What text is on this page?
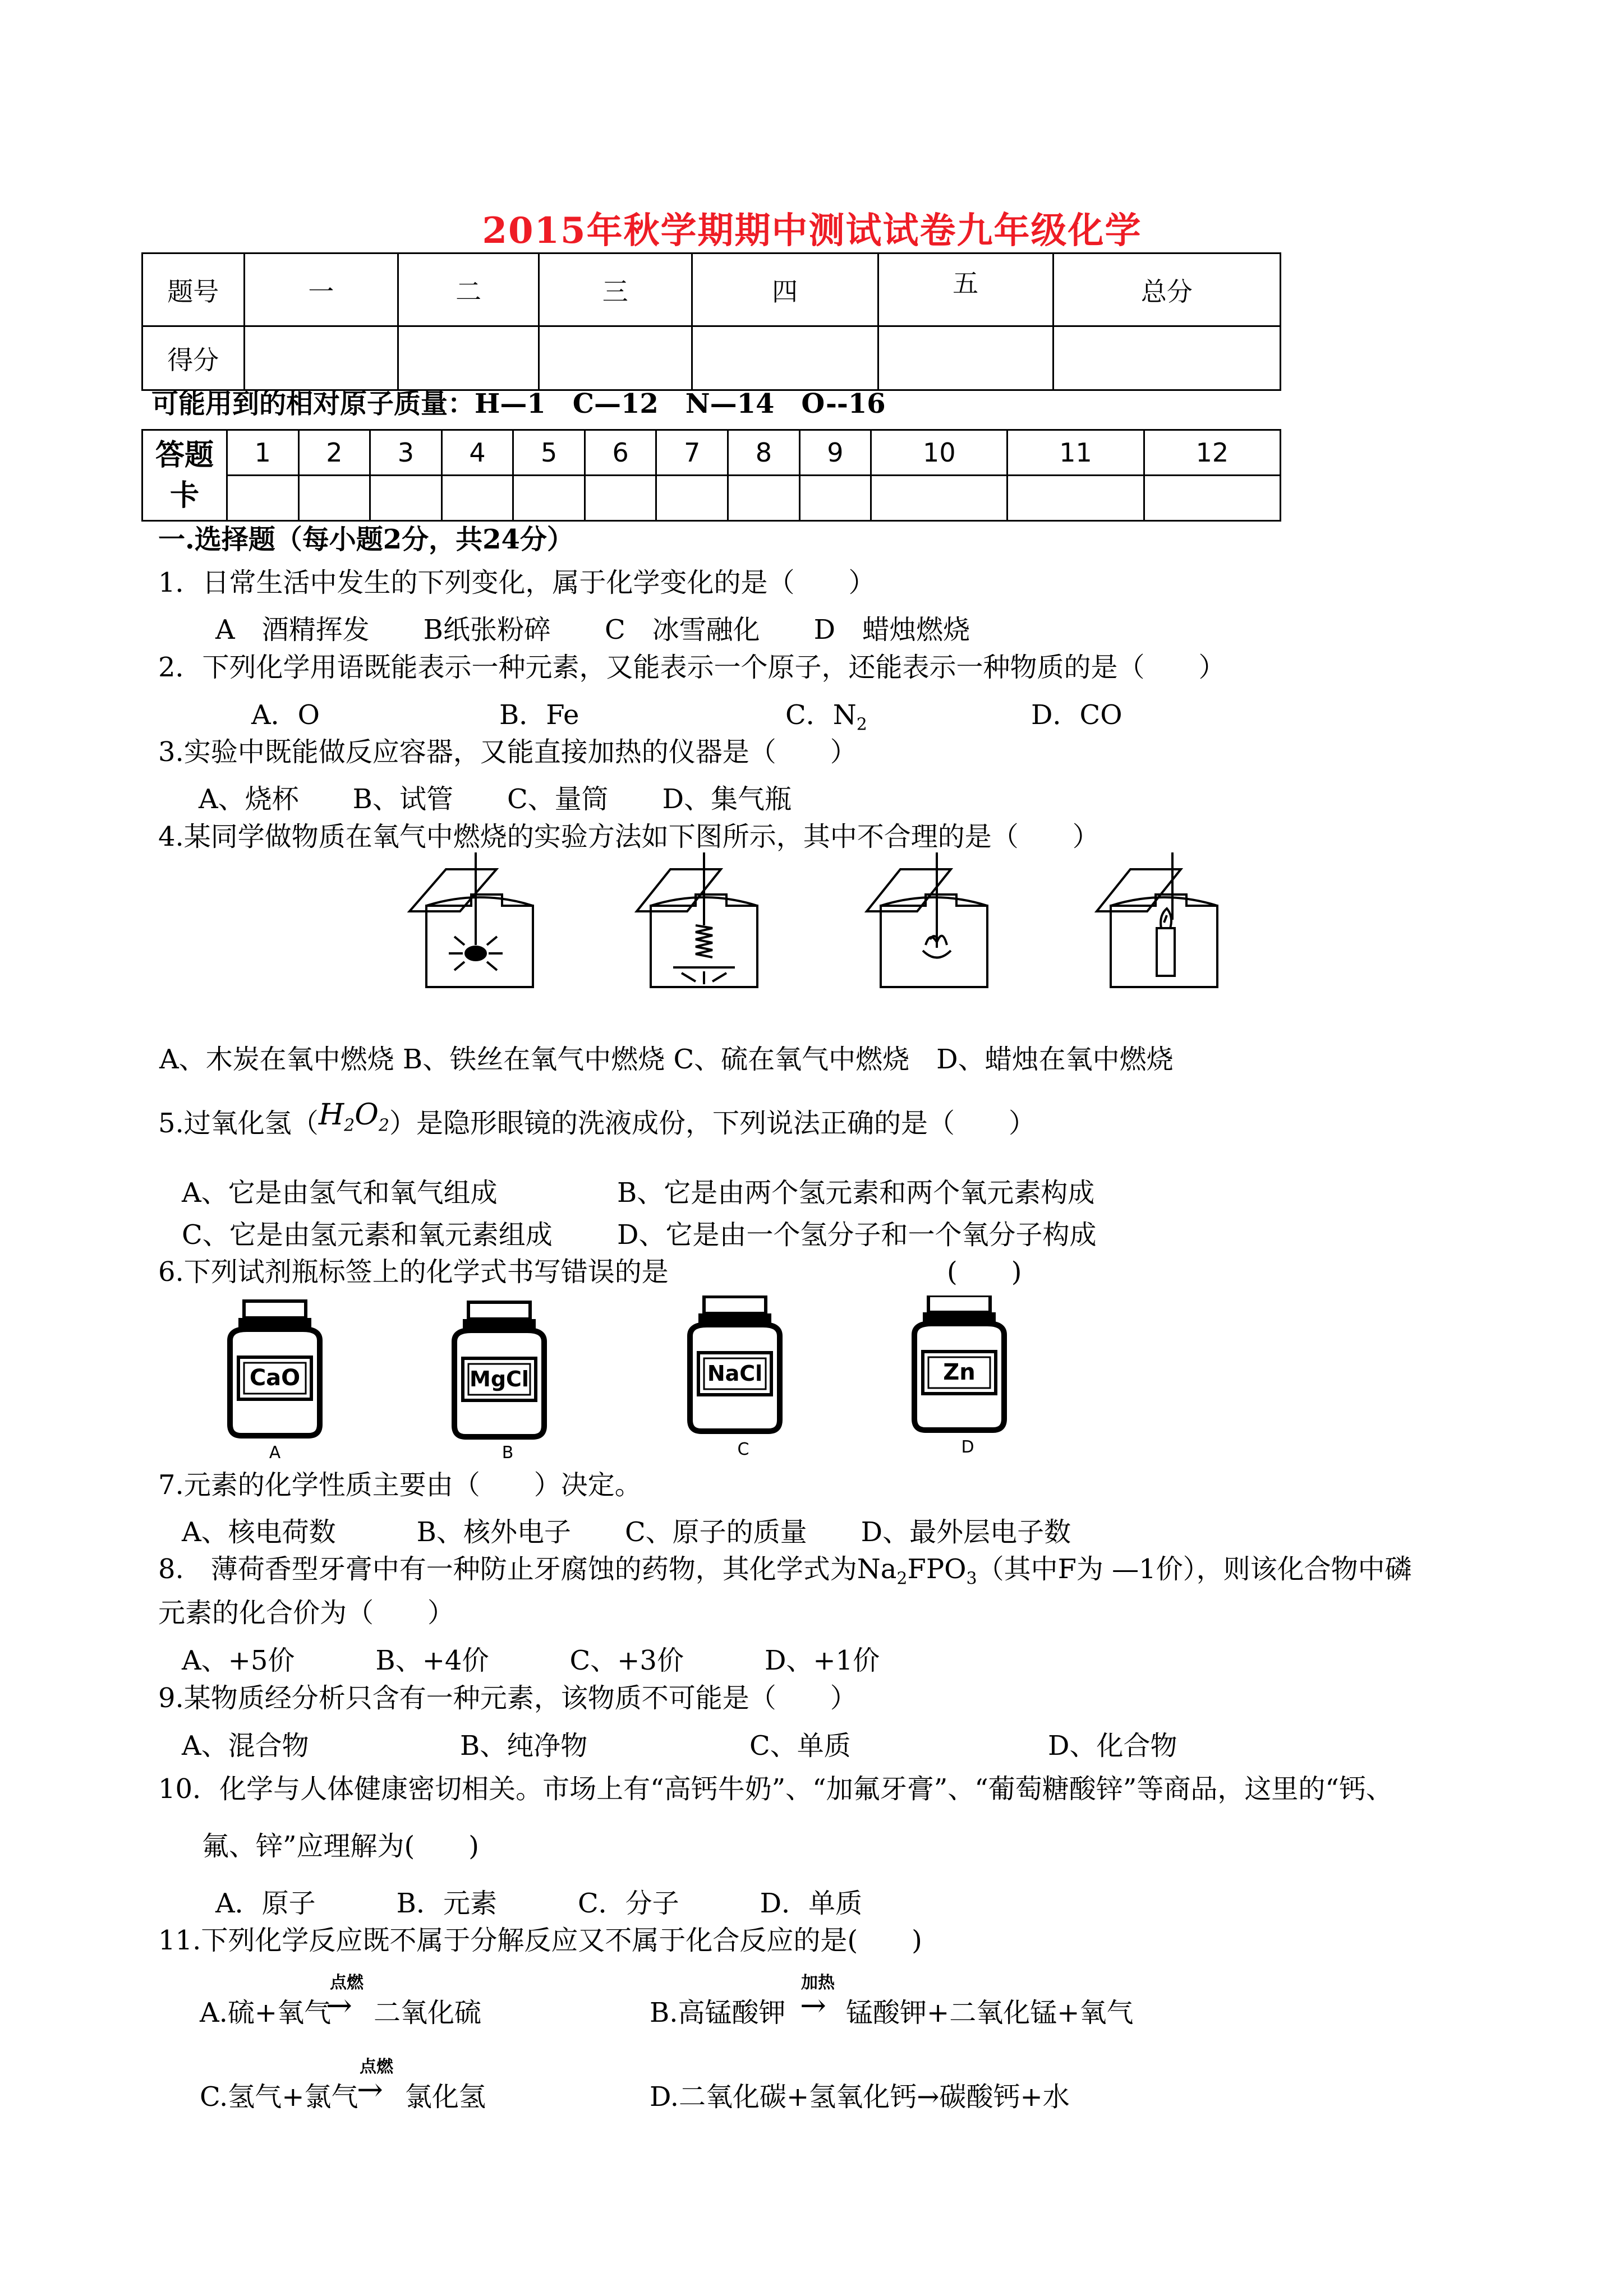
2015年秋学期期中测试试卷九年级化学
题号	一	二	三	四	五	总分
得分						
可能用到的相对原子质量：H—1　C—12　N—14　O--16
答题
卡	1	2	3	4	5	6	7	8	9	10	11	12

一.选择题（每小题2分，共24分）
1．日常生活中发生的下列变化，属于化学变化的是（　　）
A　酒精挥发　　B纸张粉碎　　C　冰雪融化　　D　蜡烛燃烧
2．下列化学用语既能表示一种元素，又能表示一个原子，还能表示一种物质的是（　　）
A．O	B．Fe	C．$N_2$	D．CO
3.实验中既能做反应容器，又能直接加热的仪器是（　　）
A、烧杯　　B、试管　　C、量筒　　D、集气瓶
4.某同学做物质在氧气中燃烧的实验方法如下图所示，其中不合理的是（　　）
A、木炭在氧中燃烧 B、铁丝在氧气中燃烧 C、硫在氧气中燃烧　D、蜡烛在氧中燃烧
5.过氧化氢$(H_2O_2)$是隐形眼镜的洗液成份，下列说法正确的是（　　）
A、它是由氢气和氧气组成	B、它是由两个氢元素和两个氧元素构成
C、它是由氢元素和氧元素组成 D、它是由一个氢分子和一个氧分子构成
6.下列试剂瓶标签上的化学式书写错误的是	(　　)
CaO	MgCl	NaCl	Zn
A	B	C	D
7.元素的化学性质主要由（　　）决定。
A、核电荷数　　　B、核外电子　　C、原子的质量　　D、最外层电子数
8.　薄荷香型牙膏中有一种防止牙腐蚀的药物，其化学式为$Na_2FPO_3$（其中F为 —1价），则该化合物中磷
元素的化合价为（　　）
A、+5价　　　B、+4价　　　C、+3价　　　D、+1价
9.某物质经分析只含有一种元素，该物质不可能是（　　）
A、混合物	B、纯净物	C、单质	D、化合物
10．化学与人体健康密切相关。市场上有“高钙牛奶”、“加氟牙膏”、“葡萄糖酸锌”等商品，这里的“钙、
氟、锌”应理解为(　　)
A．原子　　　B．元素　　　C．分子　　　D．单质
11.下列化学反应既不属于分解反应又不属于化合反应的是(　　)
A.硫+氧气
点燃
→ 二氧化硫	B.高锰酸钾
加热
→ 锰酸钾+二氧化锰+氧气
C.氢气+氯气
点燃
→ 氯化氢	D.二氧化碳+氢氧化钙→碳酸钙+水
